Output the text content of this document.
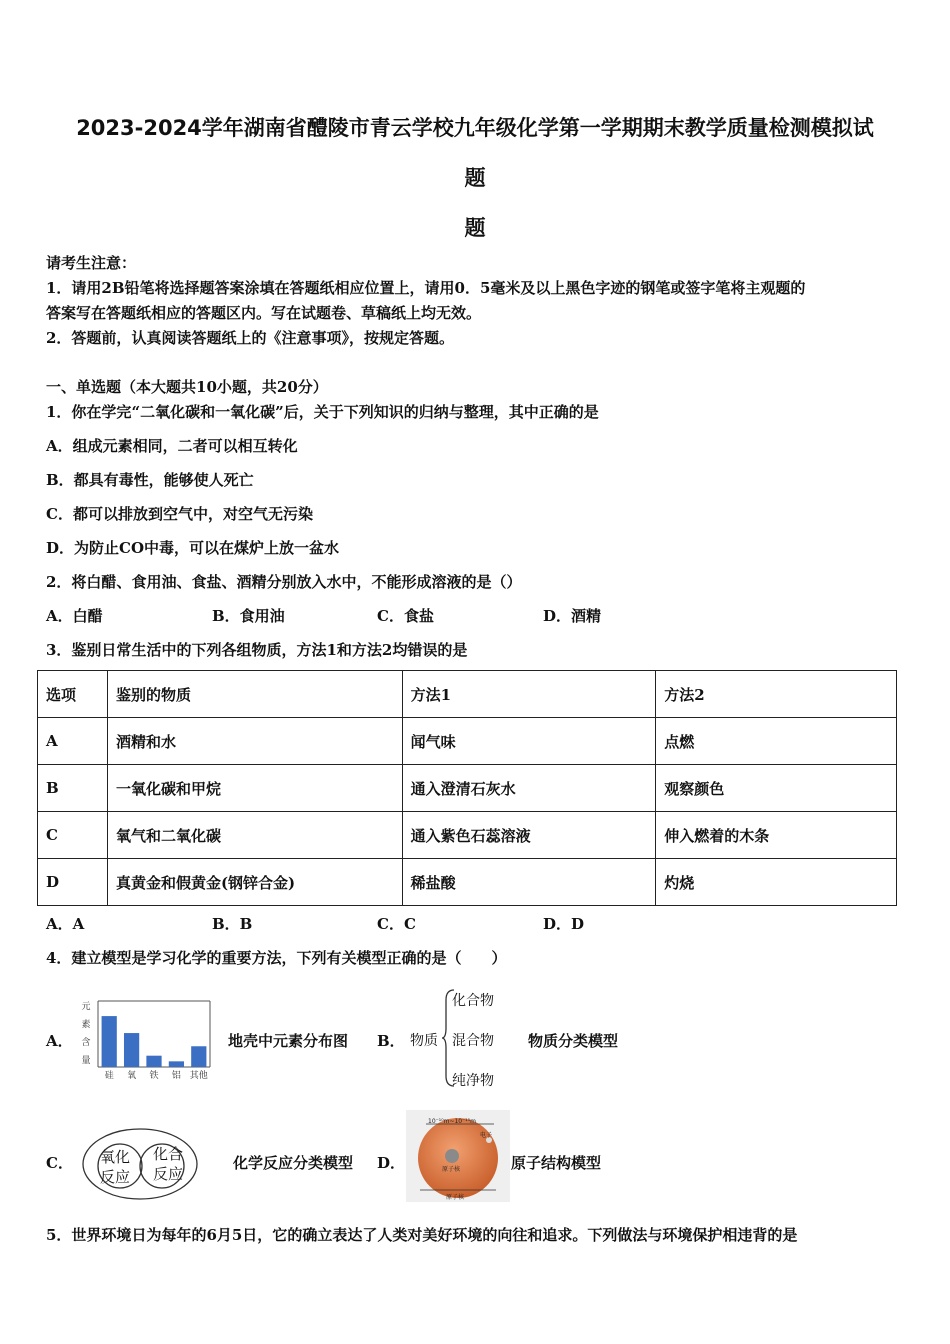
2023-2024学年湖南省醴陵市青云学校九年级化学第一学期期末教学质量检测模拟试
题
题
请考生注意：
1．请用2B铅笔将选择题答案涂填在答题纸相应位置上，请用0．5毫米及以上黑色字迹的钢笔或签字笔将主观题的
答案写在答题纸相应的答题区内。写在试题卷、草稿纸上均无效。
2．答题前，认真阅读答题纸上的《注意事项》，按规定答题。
一、单选题（本大题共10小题，共20分）
1．你在学完“二氧化碳和一氧化碳”后，关于下列知识的归纳与整理，其中正确的是
A．组成元素相同，二者可以相互转化
B．都具有毒性，能够使人死亡
C．都可以排放到空气中，对空气无污染
D．为防止CO中毒，可以在煤炉上放一盆水
2．将白醋、食用油、食盐、酒精分别放入水中，不能形成溶液的是（）
A．白醋	B．食用油	C．食盐	D．酒精
3．鉴别日常生活中的下列各组物质，方法1和方法2均错误的是
选项	鉴别的物质	方法1	方法2
A	酒精和水	闻气味	点燃
B	一氧化碳和甲烷	通入澄清石灰水	观察颜色
C	氧气和二氧化碳	通入紫色石蕊溶液	伸入燃着的木条
D	真黄金和假黄金(钢锌合金)	稀盐酸	灼烧
A．A	B．B	C．C	D．D
4．建立模型是学习化学的重要方法，下列有关模型正确的是（　　）
A．
元
素
含
量
硅 氧 铁 铝 其他
地壳中元素分布图 B． 物质
化合物
混合物
纯净物
物质分类模型
C． 氧化
反应
化合
反应
化学反应分类模型 D．
10⁻¹⁰m~10⁻¹⁵m
原子核
电子
原子核
原子结构模型
5．世界环境日为每年的6月5日，它的确立表达了人类对美好环境的向往和追求。下列做法与环境保护相违背的是
